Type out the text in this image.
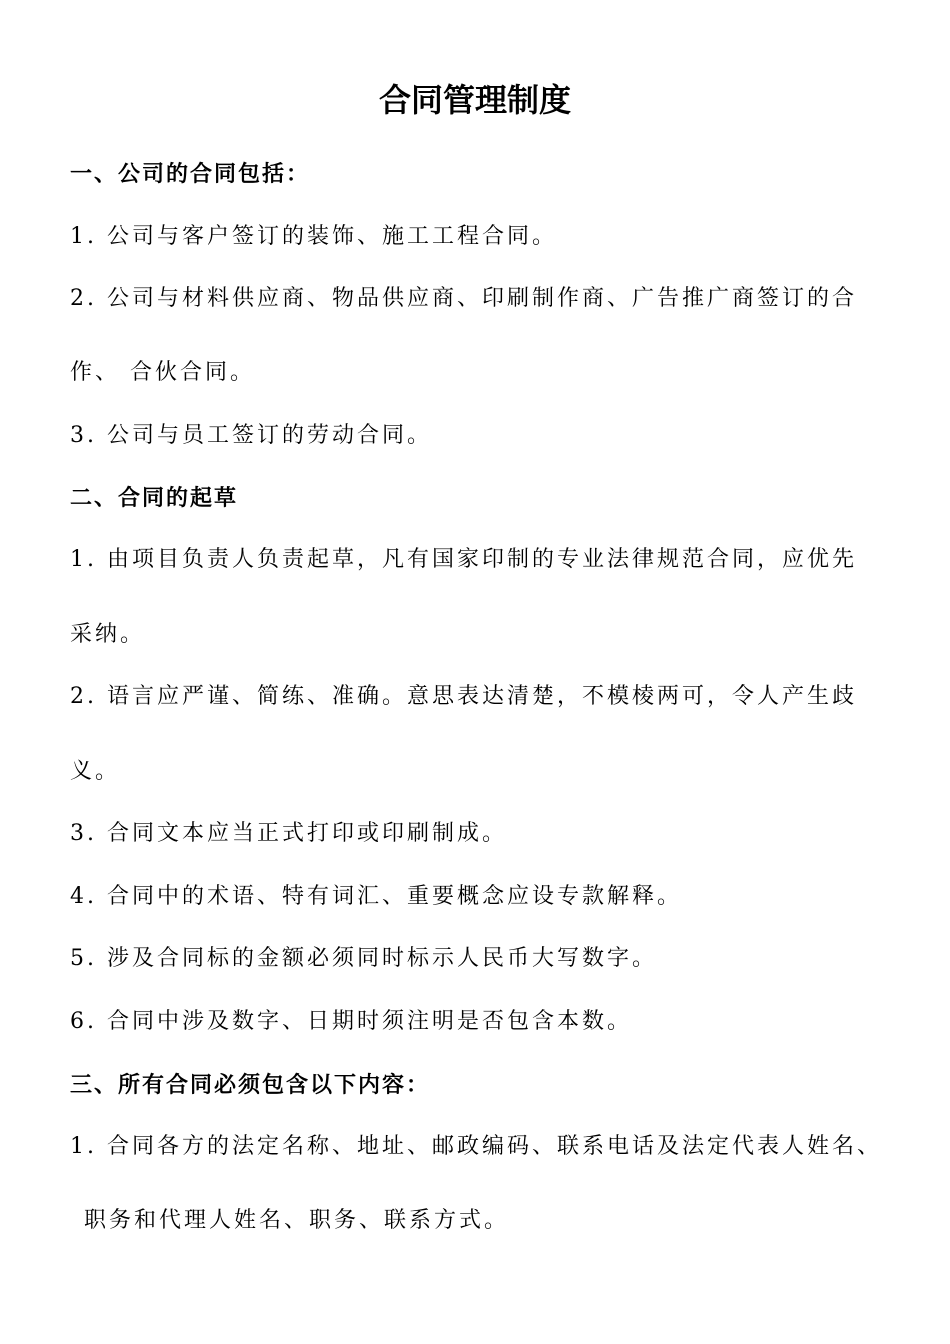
合同管理制度
一、公司的合同包括：
1. 公司与客户签订的装饰、施工工程合同。
2. 公司与材料供应商、物品供应商、印刷制作商、广告推广商签订的合
作、 合伙合同。
3. 公司与员工签订的劳动合同。
二、合同的起草
1. 由项目负责人负责起草，凡有国家印制的专业法律规范合同，应优先
采纳。
2. 语言应严谨、简练、准确。意思表达清楚，不模棱两可，令人产生歧
义。
3. 合同文本应当正式打印或印刷制成。
4. 合同中的术语、特有词汇、重要概念应设专款解释。
5. 涉及合同标的金额必须同时标示人民币大写数字。
6. 合同中涉及数字、日期时须注明是否包含本数。
三、所有合同必须包含以下内容：
1. 合同各方的法定名称、地址、邮政编码、联系电话及法定代表人姓名、
职务和代理人姓名、职务、联系方式。
